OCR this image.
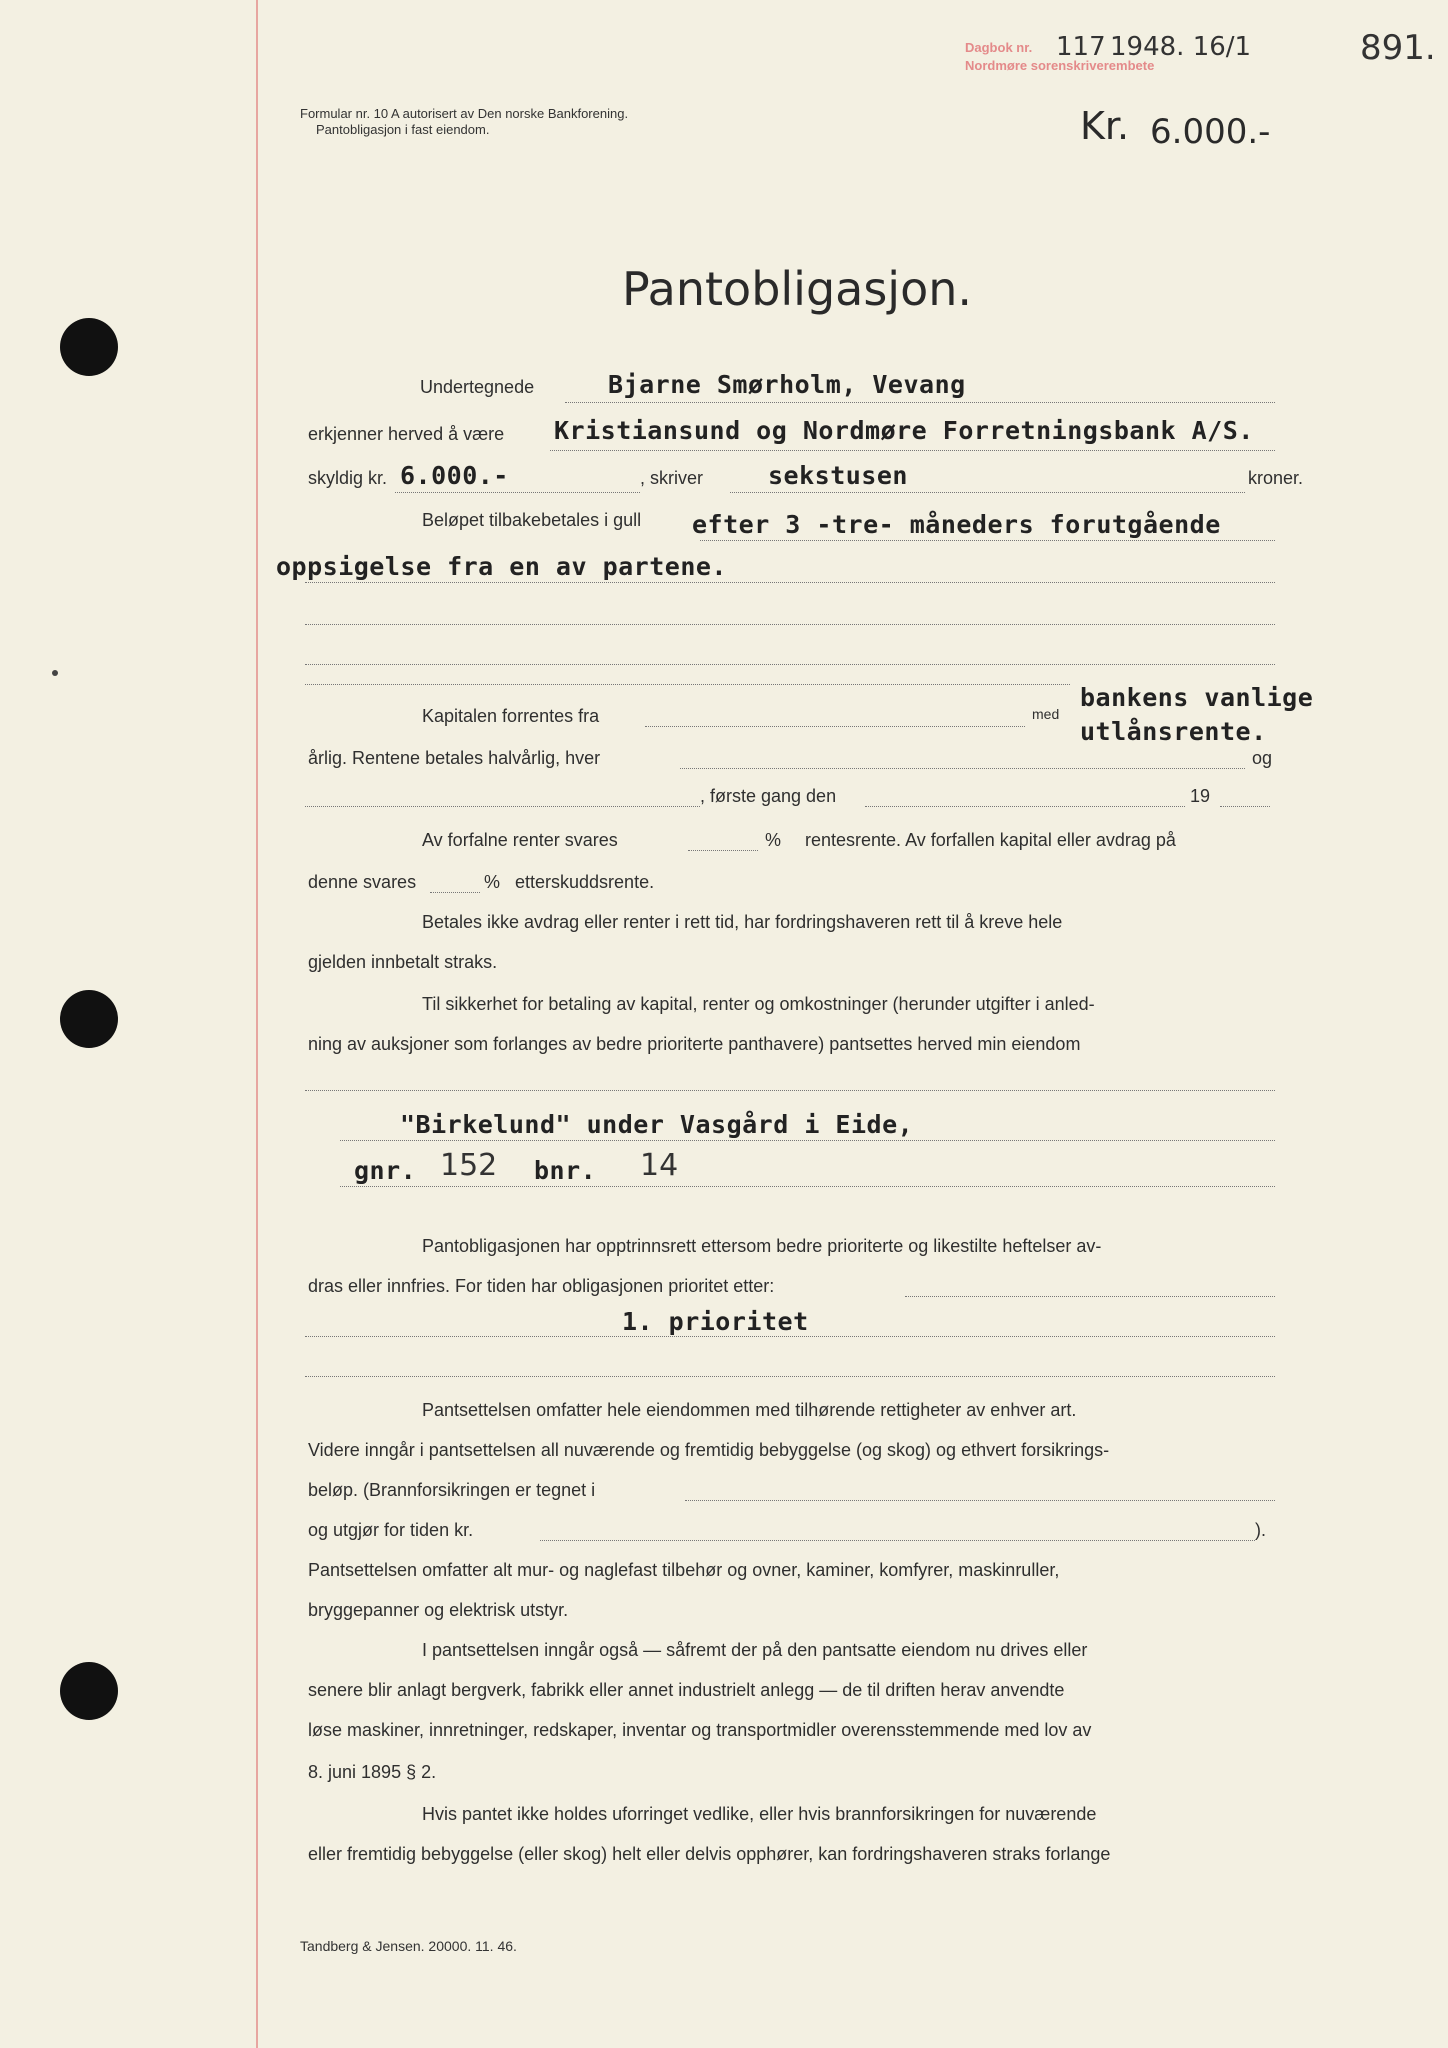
Formular nr. 10 A autorisert av Den norske Bankforening.
Pantobligasjon i fast eiendom.
Dagbok nr.
Nordmøre sorenskriverembete
117 1948. 16/1	891.
Kr. 6.000.-
Pantobligasjon.
Undertegnede	Bjarne Smørholm, Vevang
erkjenner herved å være Kristiansund og Nordmøre Forretningsbank A/S.
skyldig kr. 6.000.-	, skriver	sekstusen	kroner.
Beløpet tilbakebetales i gull efter 3 -tre- måneders forutgående
oppsigelse fra en av partene.
bankens vanlige
Kapitalen forrentes fra	med
utlånsrente.
årlig. Rentene betales halvårlig, hver	og
, første gang den	19
Av forfalne renter svares	% rentesrente. Av forfallen kapital eller avdrag på
denne svares	% etterskuddsrente.
Betales ikke avdrag eller renter i rett tid, har fordringshaveren rett til å kreve hele
gjelden innbetalt straks.
Til sikkerhet for betaling av kapital, renter og omkostninger (herunder utgifter i anled-
ning av auksjoner som forlanges av bedre prioriterte panthavere) pantsettes herved min eiendom
"Birkelund" under Vasgård i Eide,
gnr. 152 bnr. 14
Pantobligasjonen har opptrinnsrett ettersom bedre prioriterte og likestilte heftelser av-
dras eller innfries. For tiden har obligasjonen prioritet etter:
1. prioritet
Pantsettelsen omfatter hele eiendommen med tilhørende rettigheter av enhver art.
Videre inngår i pantsettelsen all nuværende og fremtidig bebyggelse (og skog) og ethvert forsikrings-
beløp. (Brannforsikringen er tegnet i
og utgjør for tiden kr.	).
Pantsettelsen omfatter alt mur- og naglefast tilbehør og ovner, kaminer, komfyrer, maskinruller,
bryggepanner og elektrisk utstyr.
I pantsettelsen inngår også — såfremt der på den pantsatte eiendom nu drives eller
senere blir anlagt bergverk, fabrikk eller annet industrielt anlegg — de til driften herav anvendte
løse maskiner, innretninger, redskaper, inventar og transportmidler overensstemmende med lov av
8. juni 1895 § 2.
Hvis pantet ikke holdes uforringet vedlike, eller hvis brannforsikringen for nuværende
eller fremtidig bebyggelse (eller skog) helt eller delvis opphører, kan fordringshaveren straks forlange
Tandberg & Jensen. 20000. 11. 46.
